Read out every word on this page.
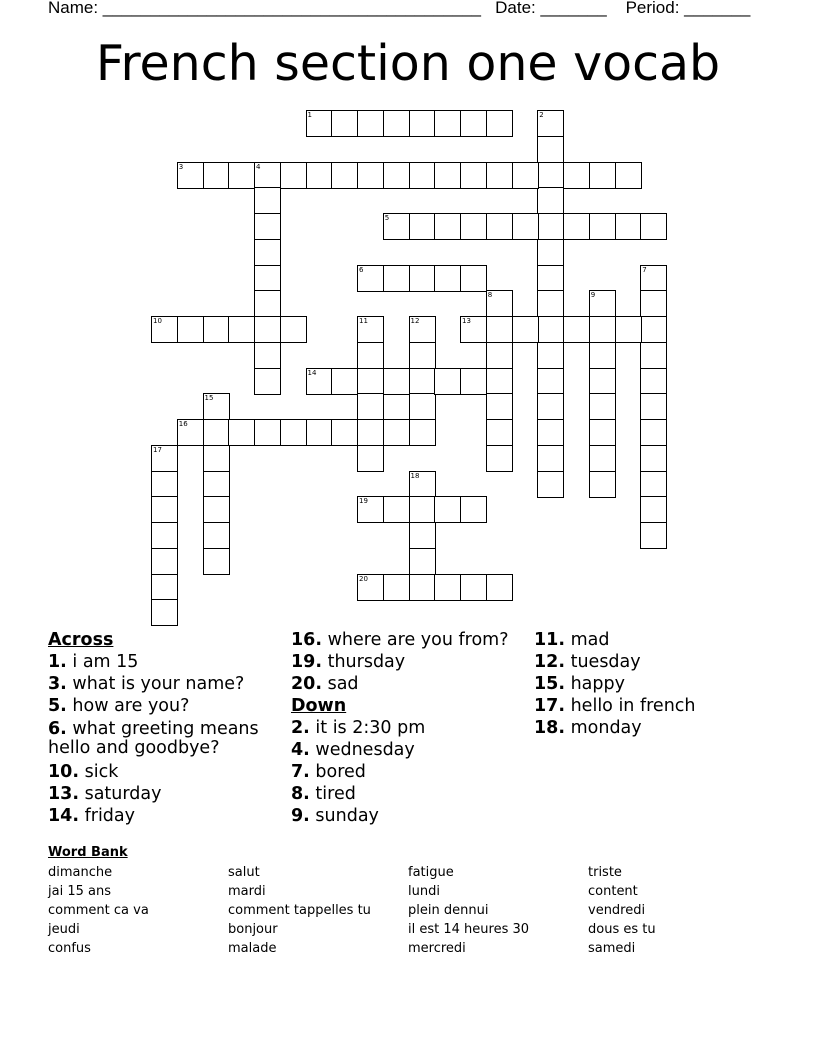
Name: ________________________________________   Date: _______    Period: _______
French section one vocab
1	2
3	4
5
6	7
8	9
10	11	12	13
14
15
16
17
18
19
20
Across
1. i am 15
3. what is your name?
5. how are you?
6. what greeting means hello and goodbye?
10. sick
13. saturday
14. friday
16. where are you from?
19. thursday
20. sad
Down
2. it is 2:30 pm
4. wednesday
7. bored
8. tired
9. sunday
11. mad
12. tuesday
15. happy
17. hello in french
18. monday
Word Bank
dimanche
jai 15 ans
comment ca va
jeudi
confus
salut
mardi
comment tappelles tu
bonjour
malade
fatigue
lundi
plein dennui
il est 14 heures 30
mercredi
triste
content
vendredi
dous es tu
samedi
